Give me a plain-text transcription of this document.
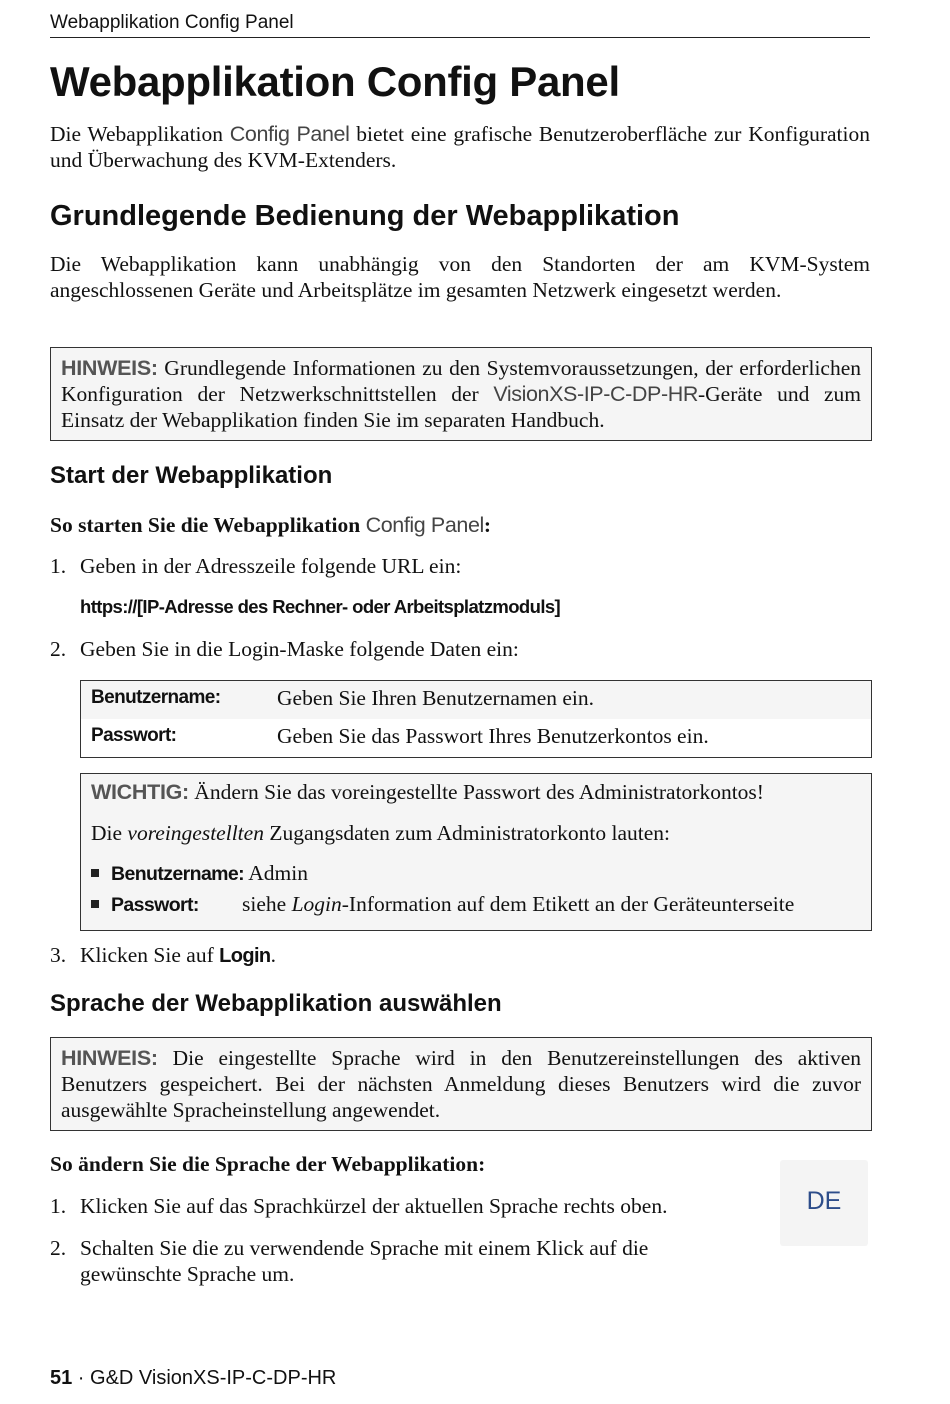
Webapplikation Config Panel
Webapplikation Config Panel

Die Webapplikation Config Panel bietet eine grafische Benutzeroberfläche zur Konfiguration und Überwachung des KVM-Extenders.

Grundlegende Bedienung der Webapplikation

Die Webapplikation kann unabhängig von den Standorten der am KVM-System angeschlossenen Geräte und Arbeitsplätze im gesamten Netzwerk eingesetzt werden.

HINWEIS: Grundlegende Informationen zu den Systemvoraussetzungen, der erforderlichen Konfiguration der Netzwerkschnittstellen der VisionXS-IP-C-DP-HR-Geräte und zum Einsatz der Webapplikation finden Sie im separaten Handbuch.
Start der Webapplikation
So starten Sie die Webapplikation Config Panel:
1. Geben in der Adresszeile folgende URL ein:
https://[IP-Adresse des Rechner- oder Arbeitsplatzmoduls]
2. Geben Sie in die Login-Maske folgende Daten ein:
Benutzername:	Geben Sie Ihren Benutzernamen ein.
Passwort:	Geben Sie das Passwort Ihres Benutzerkontos ein.
WICHTIG: Ändern Sie das voreingestellte Passwort des Administratorkontos!
Die voreingestellten Zugangsdaten zum Administratorkonto lauten:
Benutzername: Admin
Passwort: siehe Login-Information auf dem Etikett an der Geräteunterseite
3. Klicken Sie auf Login.
Sprache der Webapplikation auswählen
HINWEIS: Die eingestellte Sprache wird in den Benutzereinstellungen des aktiven Benutzers gespeichert. Bei der nächsten Anmeldung dieses Benutzers wird die zuvor ausgewählte Spracheinstellung angewendet.
So ändern Sie die Sprache der Webapplikation:
1. Klicken Sie auf das Sprachkürzel der aktuellen Sprache rechts oben.
2. Schalten Sie die zu verwendende Sprache mit einem Klick auf die
gewünschte Sprache um.
DE
51 · G&D VisionXS-IP-C-DP-HR
